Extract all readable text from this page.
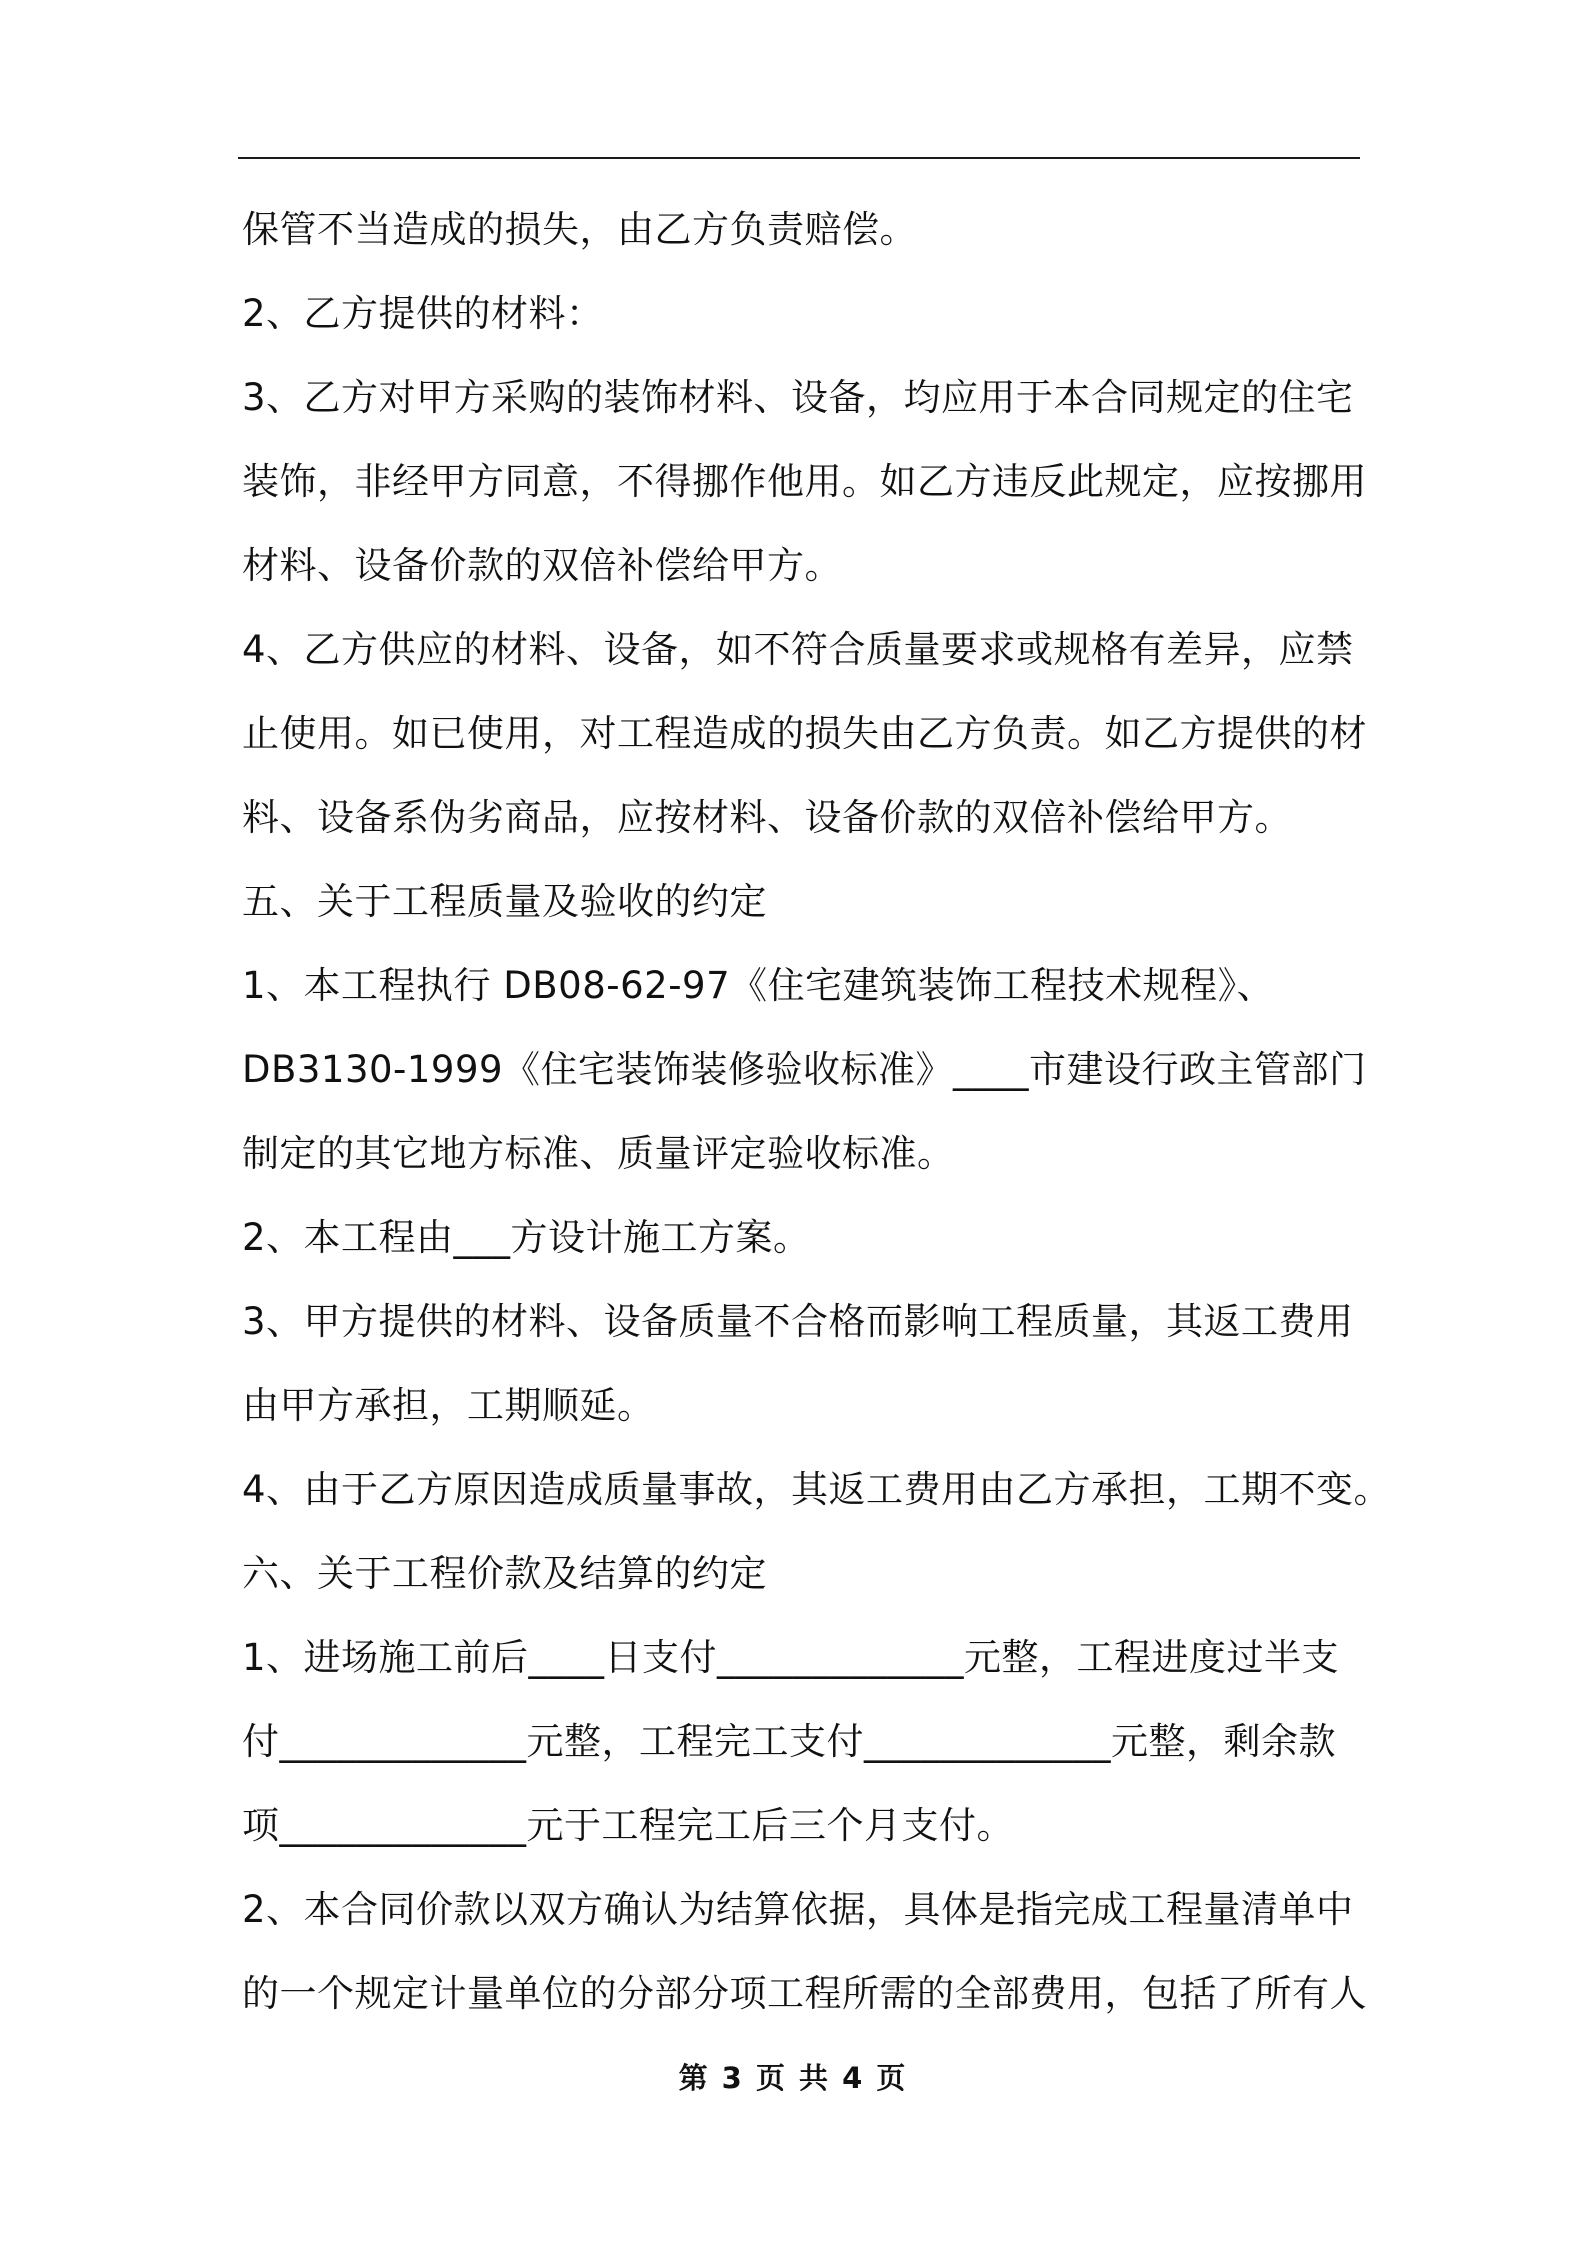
保管不当造成的损失，由乙方负责赔偿。
2、乙方提供的材料：
3、乙方对甲方采购的装饰材料、设备，均应用于本合同规定的住宅
装饰，非经甲方同意，不得挪作他用。如乙方违反此规定，应按挪用
材料、设备价款的双倍补偿给甲方。
4、乙方供应的材料、设备，如不符合质量要求或规格有差异，应禁
止使用。如已使用，对工程造成的损失由乙方负责。如乙方提供的材
料、设备系伪劣商品，应按材料、设备价款的双倍补偿给甲方。
五、关于工程质量及验收的约定
1、本工程执行 DB08-62-97《住宅建筑装饰工程技术规程》、
DB3130-1999《住宅装饰装修验收标准》____市建设行政主管部门
制定的其它地方标准、质量评定验收标准。
2、本工程由___方设计施工方案。
3、甲方提供的材料、设备质量不合格而影响工程质量，其返工费用
由甲方承担，工期顺延。
4、由于乙方原因造成质量事故，其返工费用由乙方承担，工期不变。
六、关于工程价款及结算的约定
1、进场施工前后____日支付_____________元整，工程进度过半支
付_____________元整，工程完工支付_____________元整，剩余款
项_____________元于工程完工后三个月支付。
2、本合同价款以双方确认为结算依据，具体是指完成工程量清单中
的一个规定计量单位的分部分项工程所需的全部费用，包括了所有人
第 3 页 共 4 页
